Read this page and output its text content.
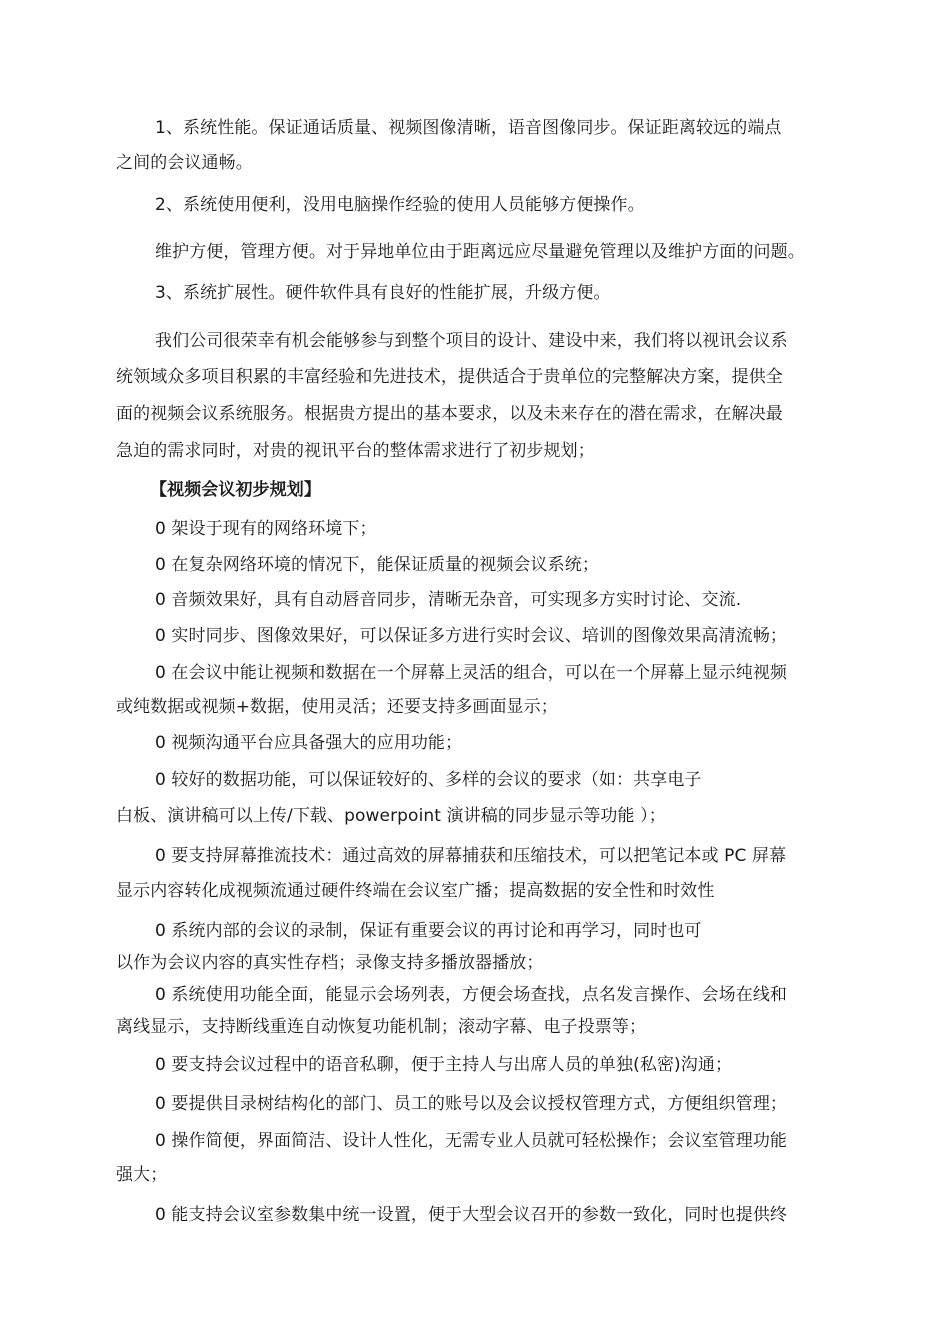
1、系统性能。保证通话质量、视频图像清晰，语音图像同步。保证距离较远的端点
之间的会议通畅。
2、系统使用便利，没用电脑操作经验的使用人员能够方便操作。
维护方便，管理方便。对于异地单位由于距离远应尽量避免管理以及维护方面的问题。
3、系统扩展性。硬件软件具有良好的性能扩展，升级方便。
我们公司很荣幸有机会能够参与到整个项目的设计、建设中来，我们将以视讯会议系
统领域众多项目积累的丰富经验和先进技术，提供适合于贵单位的完整解决方案，提供全
面的视频会议系统服务。根据贵方提出的基本要求，以及未来存在的潜在需求，在解决最
急迫的需求同时，对贵的视讯平台的整体需求进行了初步规划；
【视频会议初步规划】
0 架设于现有的网络环境下；
0 在复杂网络环境的情况下，能保证质量的视频会议系统；
0 音频效果好，具有自动唇音同步，清晰无杂音，可实现多方实时讨论、交流.
0 实时同步、图像效果好，可以保证多方进行实时会议、培训的图像效果高清流畅；
0 在会议中能让视频和数据在一个屏幕上灵活的组合，可以在一个屏幕上显示纯视频
或纯数据或视频+数据，使用灵活；还要支持多画面显示；
0 视频沟通平台应具备强大的应用功能；
0 较好的数据功能，可以保证较好的、多样的会议的要求（如：共享电子
白板、演讲稿可以上传/下载、powerpoint 演讲稿的同步显示等功能 ）；
0 要支持屏幕推流技术：通过高效的屏幕捕获和压缩技术，可以把笔记本或 PC 屏幕
显示内容转化成视频流通过硬件终端在会议室广播；提高数据的安全性和时效性
0 系统内部的会议的录制，保证有重要会议的再讨论和再学习，同时也可
以作为会议内容的真实性存档；录像支持多播放器播放；
0 系统使用功能全面，能显示会场列表，方便会场查找，点名发言操作、会场在线和
离线显示，支持断线重连自动恢复功能机制；滚动字幕、电子投票等；
0 要支持会议过程中的语音私聊，便于主持人与出席人员的单独(私密)沟通；
0 要提供目录树结构化的部门、员工的账号以及会议授权管理方式，方便组织管理；
0 操作简便，界面简洁、设计人性化，无需专业人员就可轻松操作；会议室管理功能
强大；
0 能支持会议室参数集中统一设置，便于大型会议召开的参数一致化，同时也提供终
